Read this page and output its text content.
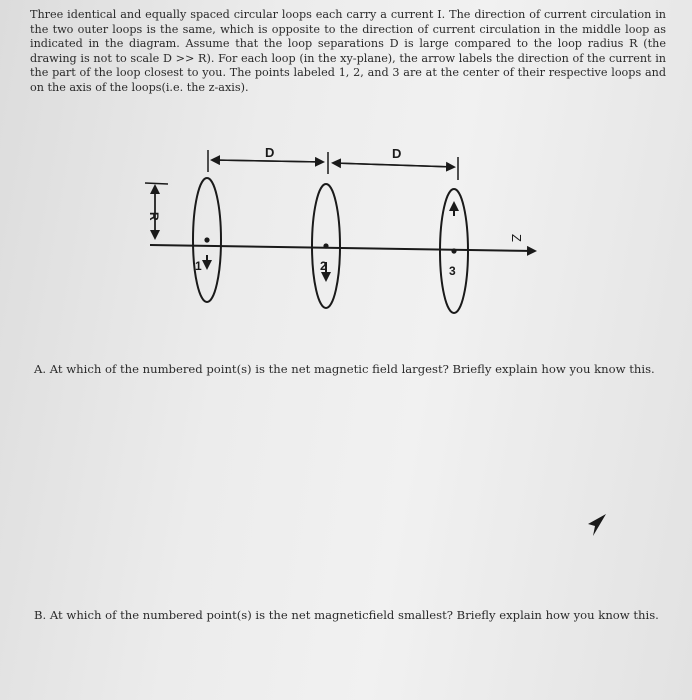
Three identical and equally spaced circular loops each carry a current I. The direction of current circulation in the two outer loops is the same, which is opposite to the direction of current circulation in the middle loop as indicated in the diagram. Assume that the loop separations D is large compared to the loop radius R (the drawing is not to scale D >> R). For each loop (in the xy-plane), the arrow labels the direction of the current in the part of the loop closest to you. The points labeled 1, 2, and 3 are at the center of their respective loops and on the axis of the loops(i.e. the z-axis).
D	D
R
Z
1	2	3
A. At which of the numbered point(s) is the net magnetic field largest? Briefly explain how you know this.
B. At which of the numbered point(s) is the net magneticfield smallest? Briefly explain how you know this.
